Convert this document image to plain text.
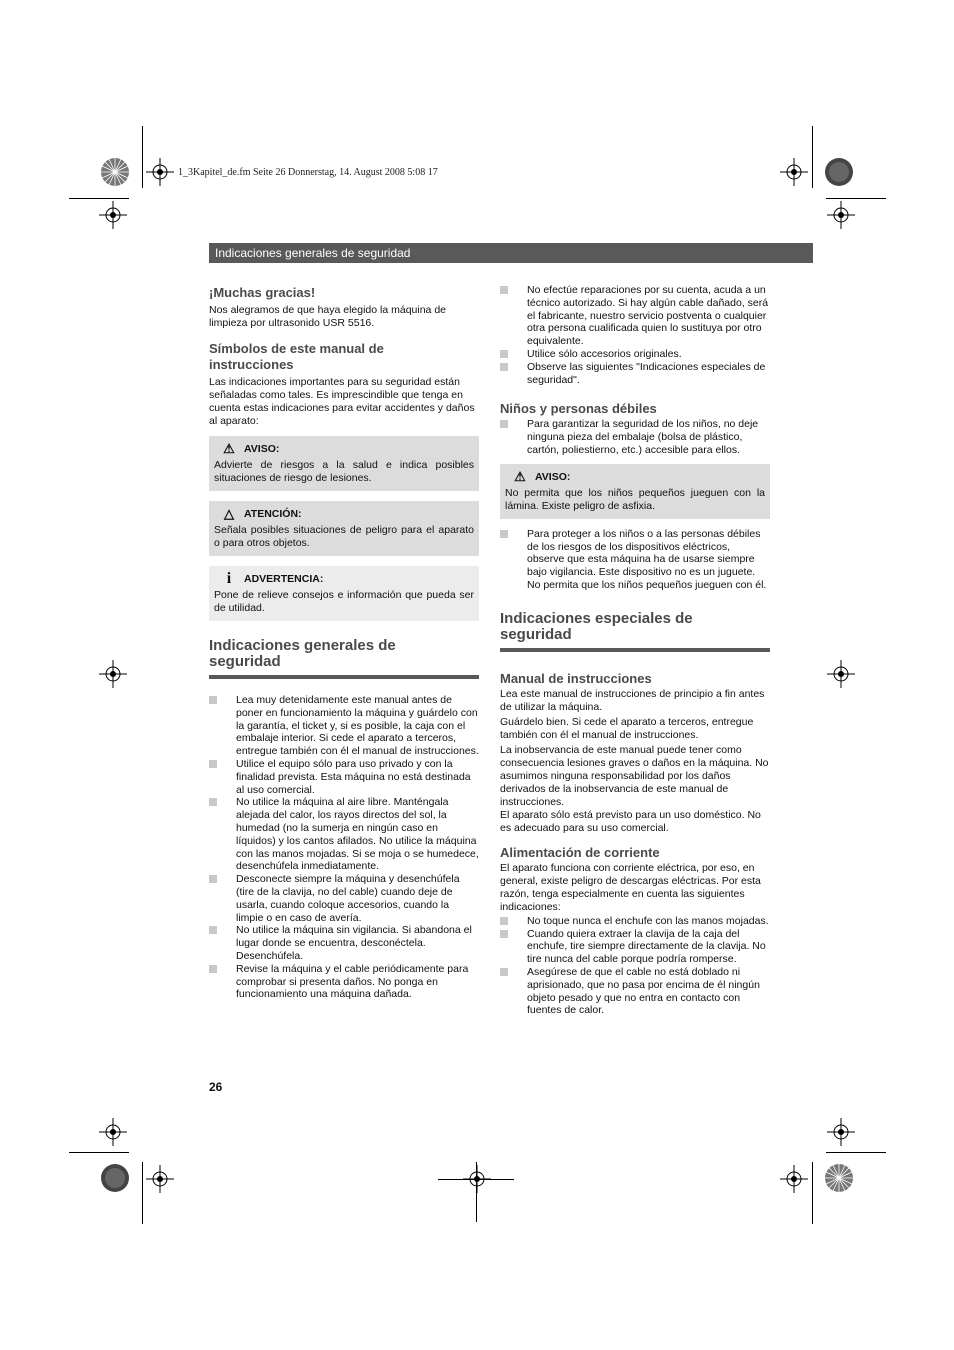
1_3Kapitel_de.fm Seite 26 Donnerstag, 14. August 2008 5:08 17
Indicaciones generales de seguridad
¡Muchas gracias!
Nos alegramos de que haya elegido la máquina de limpieza por ultrasonido USR 5516.
Símbolos de este manual de instrucciones
Las indicaciones importantes para su seguridad están señaladas como tales. Es imprescindible que tenga en cuenta estas indicaciones para evitar accidentes y daños al aparato:
⚠ AVISO:
Advierte de riesgos a la salud e indica posibles situaciones de riesgo de lesiones.
△ ATENCIÓN:
Señala posibles situaciones de peligro para el aparato o para otros objetos.
i	ADVERTENCIA:
Pone de relieve consejos e información que pueda ser de utilidad.
Indicaciones generales de seguridad
Lea muy detenidamente este manual antes de poner en funcionamiento la máquina y guárdelo con la garantía, el ticket y, si es posible, la caja con el embalaje interior. Si cede el aparato a terceros, entregue también con él el manual de instrucciones.
Utilice el equipo sólo para uso privado y con la finalidad prevista. Esta máquina no está destinada al uso comercial.
No utilice la máquina al aire libre. Manténgala alejada del calor, los rayos directos del sol, la humedad (no la sumerja en ningún caso en líquidos) y los cantos afilados. No utilice la máquina con las manos mojadas. Si se moja o se humedece, desenchúfela inmediatamente.
Desconecte siempre la máquina y desenchúfela (tire de la clavija, no del cable) cuando deje de usarla, cuando coloque accesorios, cuando la limpie o en caso de avería.
No utilice la máquina sin vigilancia. Si abandona el lugar donde se encuentra, desconéctela. Desenchúfela.
Revise la máquina y el cable periódicamente para comprobar si presenta daños. No ponga en funcionamiento una máquina dañada.
No efectúe reparaciones por su cuenta, acuda a un técnico autorizado. Si hay algún cable dañado, será el fabricante, nuestro servicio postventa o cualquier otra persona cualificada quien lo sustituya por otro equivalente.
Utilice sólo accesorios originales.
Observe las siguientes "Indicaciones especiales de seguridad".
Niños y personas débiles
Para garantizar la seguridad de los niños, no deje ninguna pieza del embalaje (bolsa de plástico, cartón, poliestierno, etc.) accesible para ellos.
⚠ AVISO:
No permita que los niños pequeños jueguen con la lámina. Existe peligro de asfixia.
Para proteger a los niños o a las personas débiles de los riesgos de los dispositivos eléctricos, observe que esta máquina ha de usarse siempre bajo vigilancia. Este dispositivo no es un juguete. No permita que los niños pequeños jueguen con él.
Indicaciones especiales de seguridad
Manual de instrucciones
Lea este manual de instrucciones de principio a fin antes de utilizar la máquina.
Guárdelo bien. Si cede el aparato a terceros, entregue también con él el manual de instrucciones.
La inobservancia de este manual puede tener como consecuencia lesiones graves o daños en la máquina. No asumimos ninguna responsabilidad por los daños derivados de la inobservancia de este manual de instrucciones.
El aparato sólo está previsto para un uso doméstico. No es adecuado para su uso comercial.
Alimentación de corriente
El aparato funciona con corriente eléctrica, por eso, en general, existe peligro de descargas eléctricas. Por esta razón, tenga especialmente en cuenta las siguientes indicaciones:
No toque nunca el enchufe con las manos mojadas.
Cuando quiera extraer la clavija de la caja del enchufe, tire siempre directamente de la clavija. No tire nunca del cable porque podría romperse.
Asegúrese de que el cable no está doblado ni aprisionado, que no pasa por encima de él ningún objeto pesado y que no entra en contacto con fuentes de calor.
26
